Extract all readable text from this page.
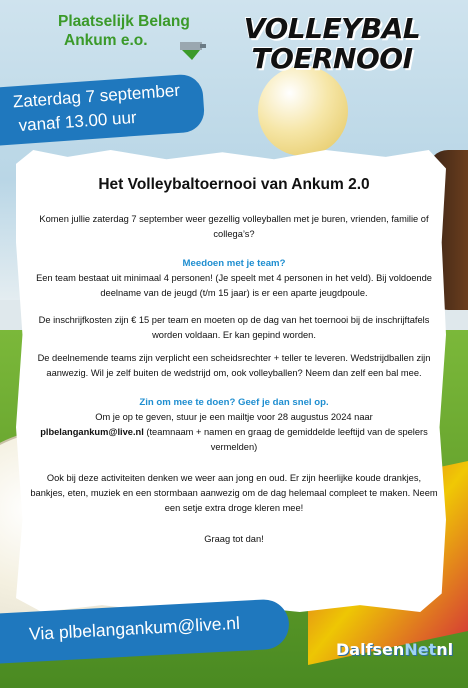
Plaatselijk Belang
Ankum e.o.	VOLLEYBAL
TOERNOOI
Zaterdag 7 september
vanaf 13.00 uur
Het Volleybaltoernooi van Ankum 2.0

Komen jullie zaterdag 7 september weer gezellig volleyballen met je buren, vrienden, familie of collega’s?

Meedoen met je team?

Een team bestaat uit minimaal 4 personen! (Je speelt met 4 personen in het veld). Bij voldoende deelname van de jeugd (t/m 15 jaar) is er een aparte jeugdpoule.

De inschrijfkosten zijn € 15 per team en moeten op de dag van het toernooi bij de inschrijftafels worden voldaan. Er kan gepind worden.

De deelnemende teams zijn verplicht een scheidsrechter + teller te leveren. Wedstrijdballen zijn aanwezig. Wil je zelf buiten de wedstrijd om, ook volleyballen? Neem dan zelf een bal mee.

Zin om mee te doen? Geef je dan snel op.

Om je op te geven, stuur je een mailtje voor 28 augustus 2024 naar
plbelangankum@live.nl (teamnaam + namen en graag de gemiddelde leeftijd van de spelers vermelden)

Ook bij deze activiteiten denken we weer aan jong en oud. Er zijn heerlijke koude drankjes, bankjes, eten, muziek en een stormbaan aanwezig om de dag helemaal compleet te maken. Neem een setje extra droge kleren mee!

Graag tot dan!

Via plbelangankum@live.nl
DalfsenNetnl
